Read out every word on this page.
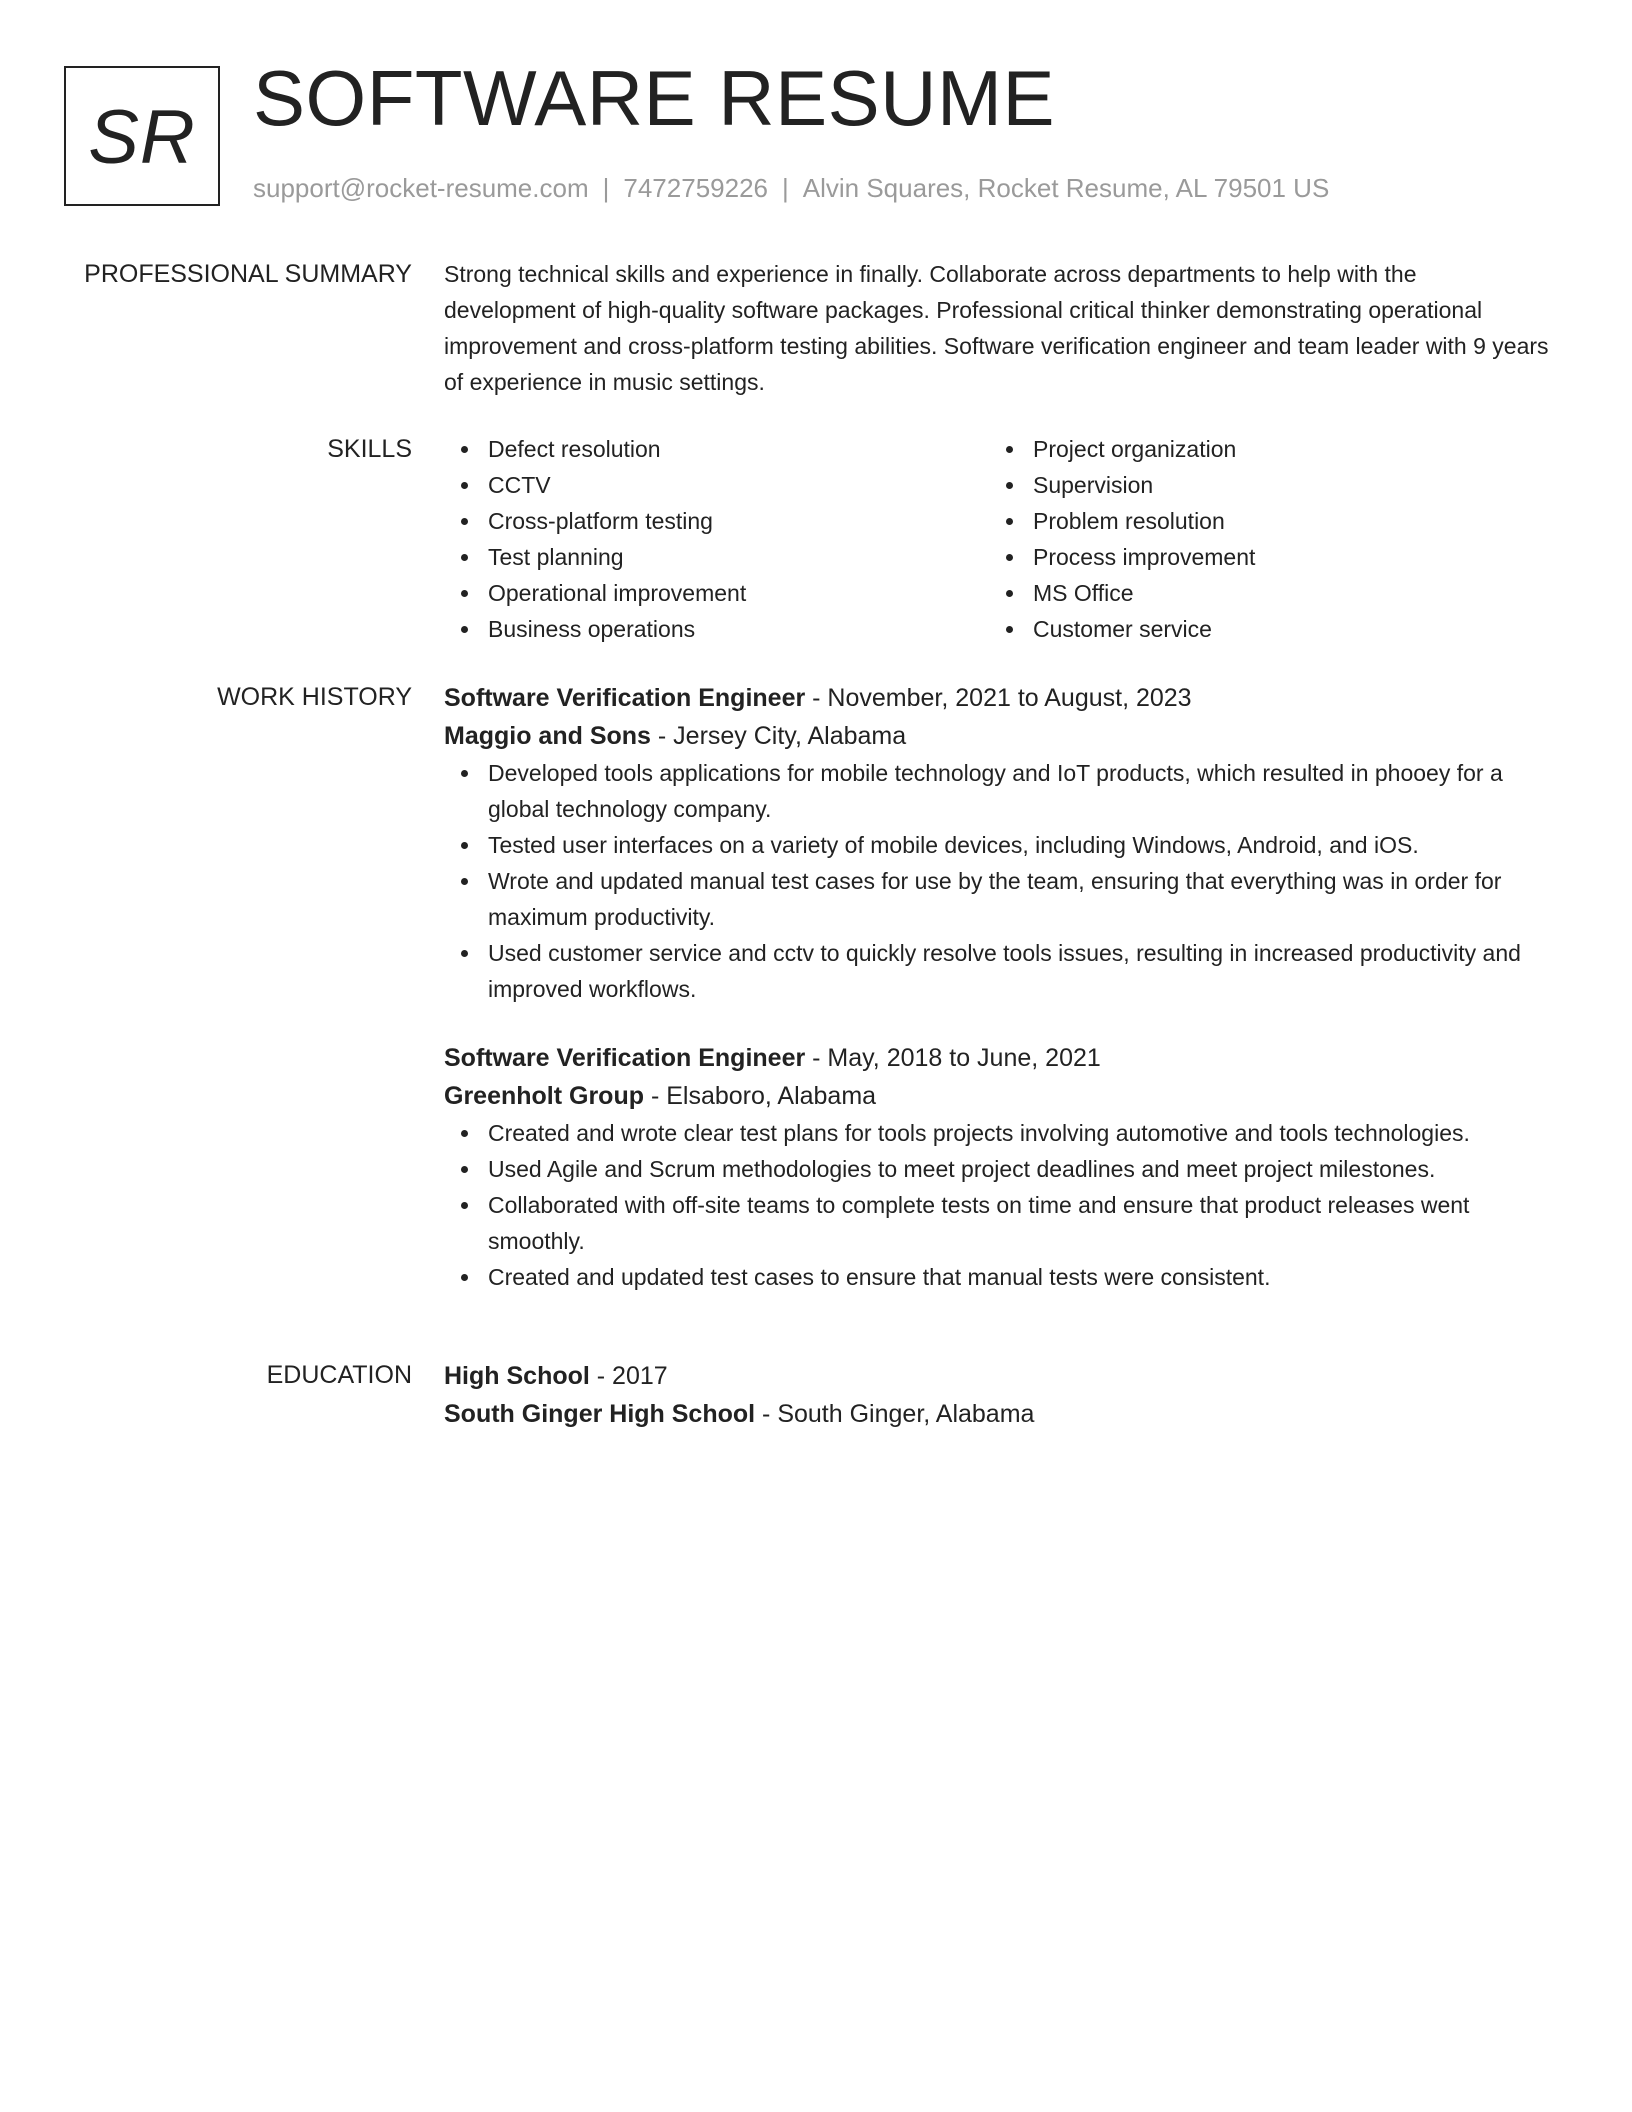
SR SOFTWARE RESUME
support@rocket-resume.com | 7472759226 | Alvin Squares, Rocket Resume, AL 79501 US
PROFESSIONAL SUMMARY Strong technical skills and experience in finally. Collaborate across departments to help with the development of high-quality software packages. Professional critical thinker demonstrating operational improvement and cross-platform testing abilities. Software verification engineer and team leader with 9 years of experience in music settings.

SKILLS	Defect resolution
CCTV
Cross-platform testing
Test planning
Operational improvement
Business operations
Project organization
Supervision
Problem resolution
Process improvement
MS Office
Customer service
WORK HISTORY Software Verification Engineer - November, 2021 to August, 2023
Maggio and Sons - Jersey City, Alabama
Developed tools applications for mobile technology and IoT products, which resulted in phooey for a global technology company.
Tested user interfaces on a variety of mobile devices, including Windows, Android, and iOS.
Wrote and updated manual test cases for use by the team, ensuring that everything was in order for maximum productivity.
Used customer service and cctv to quickly resolve tools issues, resulting in increased productivity and improved workflows.
Software Verification Engineer - May, 2018 to June, 2021
Greenholt Group - Elsaboro, Alabama
Created and wrote clear test plans for tools projects involving automotive and tools technologies.
Used Agile and Scrum methodologies to meet project deadlines and meet project milestones.
Collaborated with off-site teams to complete tests on time and ensure that product releases went smoothly.
Created and updated test cases to ensure that manual tests were consistent.
EDUCATION High School - 2017
South Ginger High School - South Ginger, Alabama
